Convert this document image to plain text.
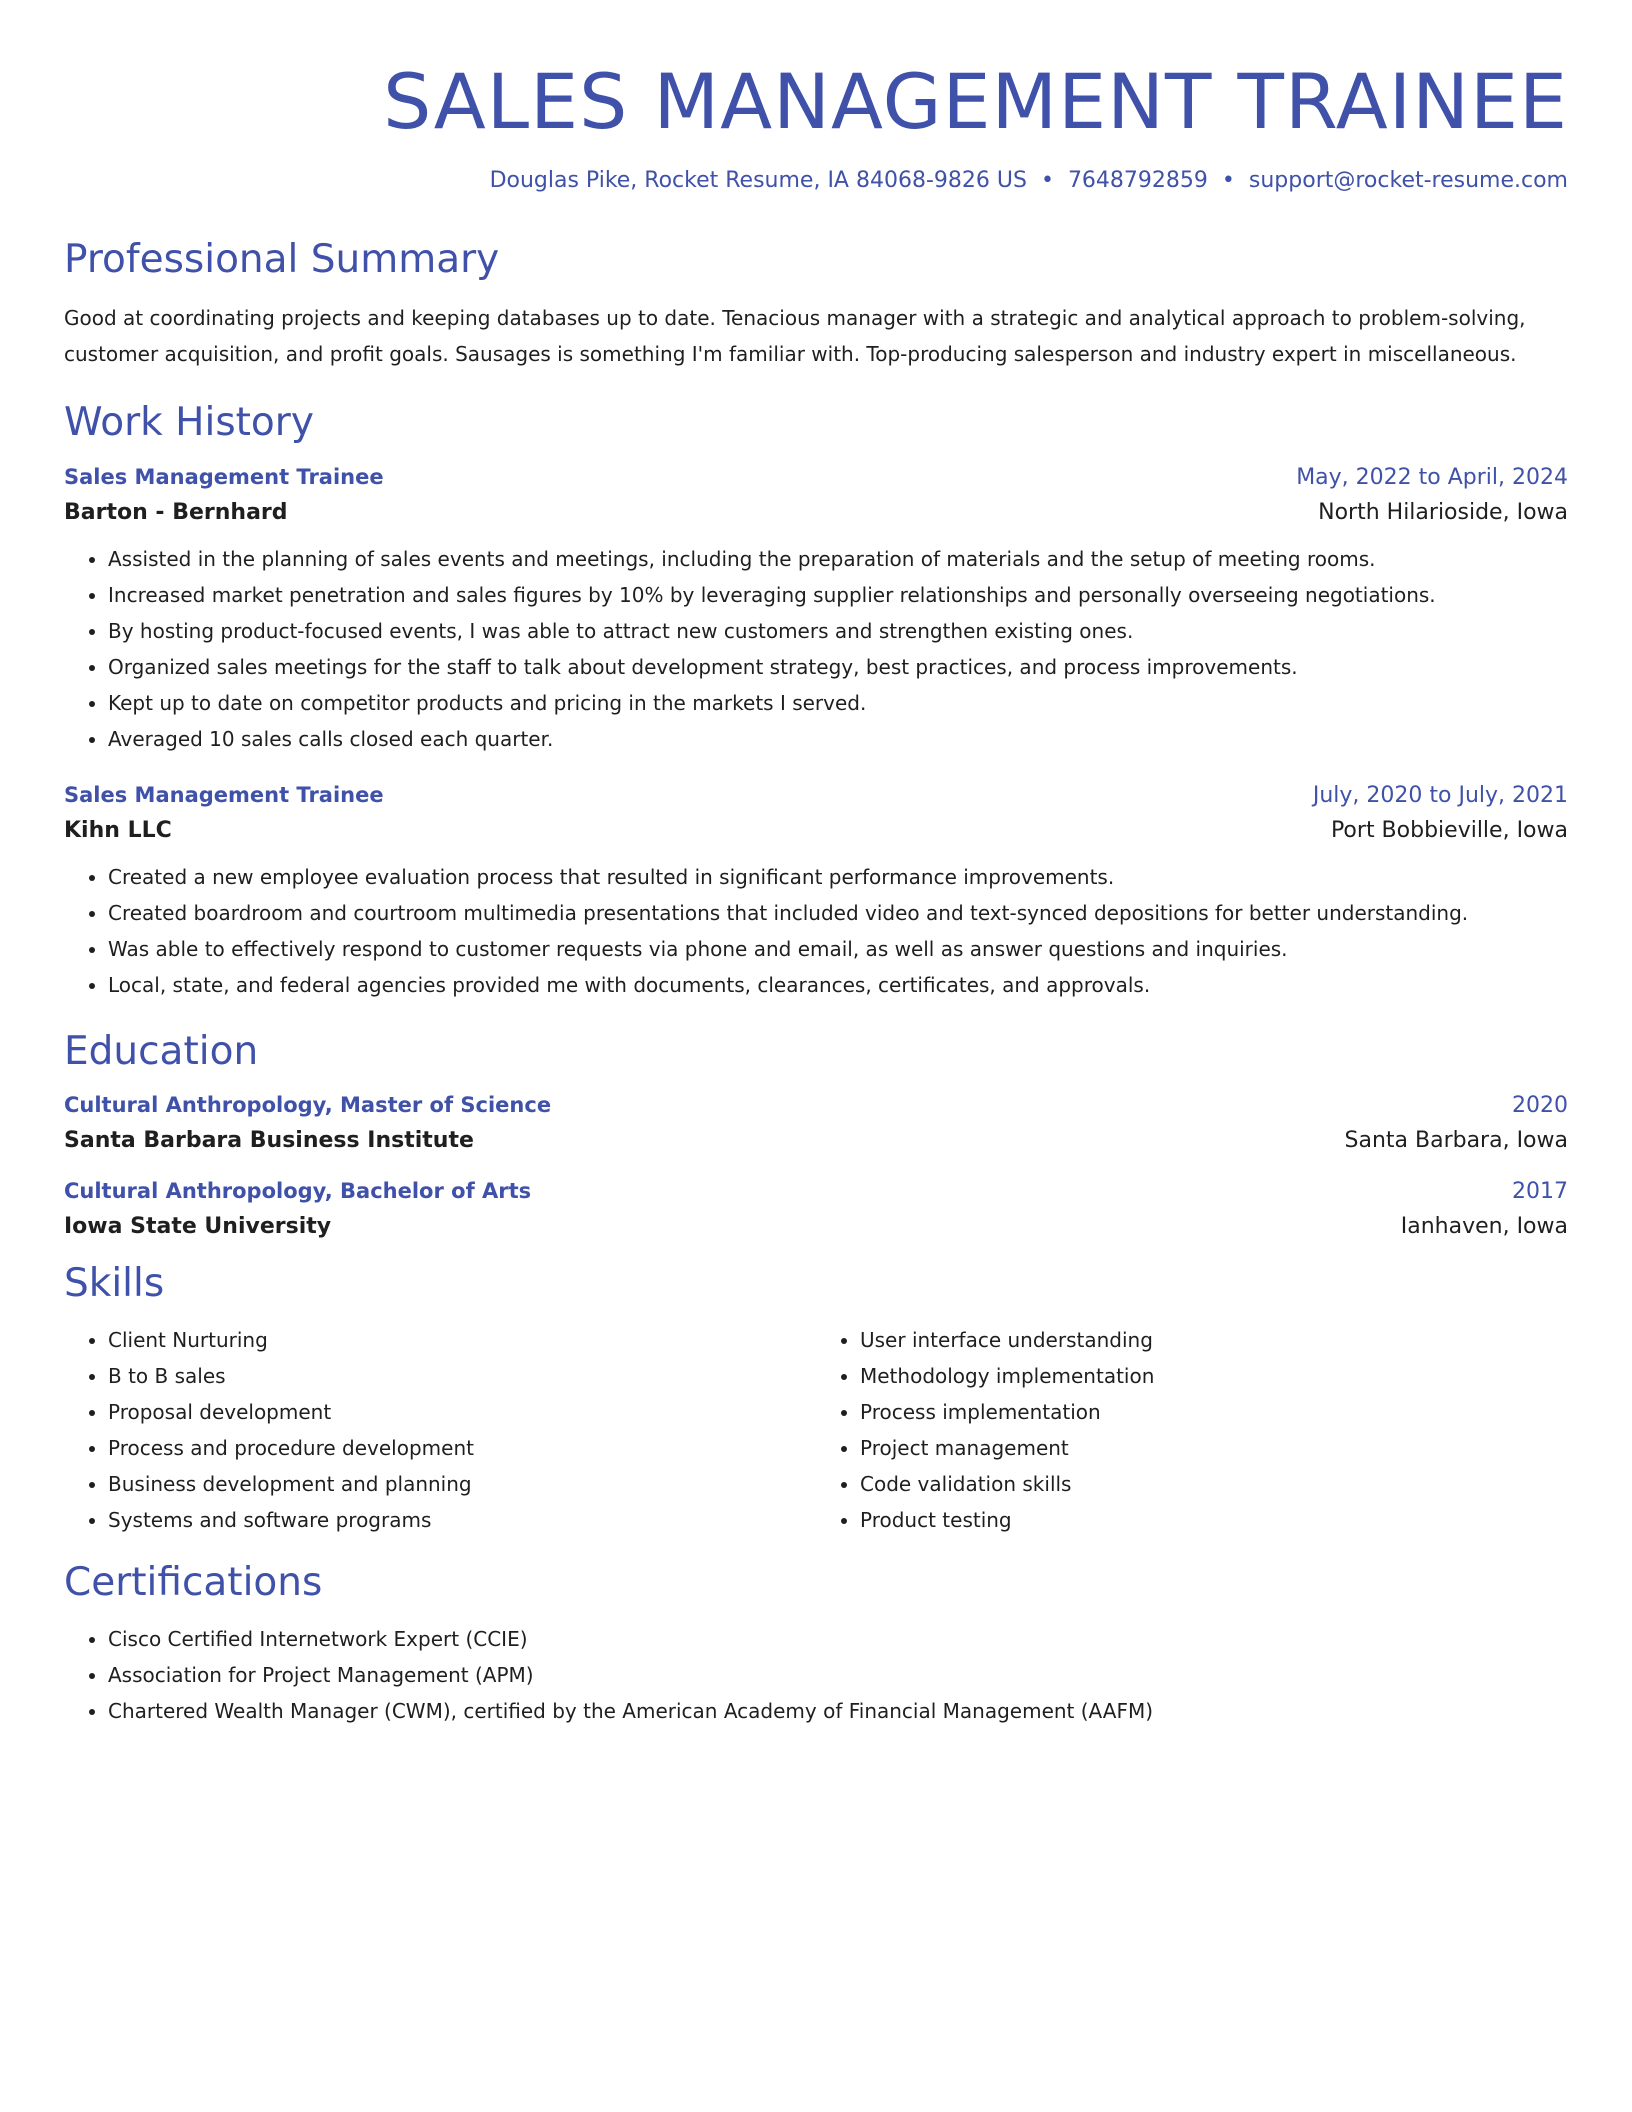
SALES MANAGEMENT TRAINEE
Douglas Pike, Rocket Resume, IA 84068-9826 US • 7648792859 • support@rocket-resume.com
Professional Summary

Good at coordinating projects and keeping databases up to date. Tenacious manager with a strategic and analytical approach to problem-solving, customer acquisition, and profit goals. Sausages is something I'm familiar with. Top-producing salesperson and industry expert in miscellaneous.

Work History
Sales Management Trainee	May, 2022 to April, 2024
Barton - Bernhard	North Hilarioside, Iowa
• Assisted in the planning of sales events and meetings, including the preparation of materials and the setup of meeting rooms.
• Increased market penetration and sales figures by 10% by leveraging supplier relationships and personally overseeing negotiations.
• By hosting product-focused events, I was able to attract new customers and strengthen existing ones.
• Organized sales meetings for the staff to talk about development strategy, best practices, and process improvements.
• Kept up to date on competitor products and pricing in the markets I served.
• Averaged 10 sales calls closed each quarter.
Sales Management Trainee	July, 2020 to July, 2021
Kihn LLC	Port Bobbieville, Iowa
• Created a new employee evaluation process that resulted in significant performance improvements.
• Created boardroom and courtroom multimedia presentations that included video and text-synced depositions for better understanding.
• Was able to effectively respond to customer requests via phone and email, as well as answer questions and inquiries.
• Local, state, and federal agencies provided me with documents, clearances, certificates, and approvals.
Education
Cultural Anthropology, Master of Science	2020
Santa Barbara Business Institute	Santa Barbara, Iowa
Cultural Anthropology, Bachelor of Arts	2017
Iowa State University	Ianhaven, Iowa
Skills
• Client Nurturing
• B to B sales
• Proposal development
• Process and procedure development
• Business development and planning
• Systems and software programs
• User interface understanding
• Methodology implementation
• Process implementation
• Project management
• Code validation skills
• Product testing
Certifications
• Cisco Certified Internetwork Expert (CCIE)
• Association for Project Management (APM)
• Chartered Wealth Manager (CWM), certified by the American Academy of Financial Management (AAFM)
